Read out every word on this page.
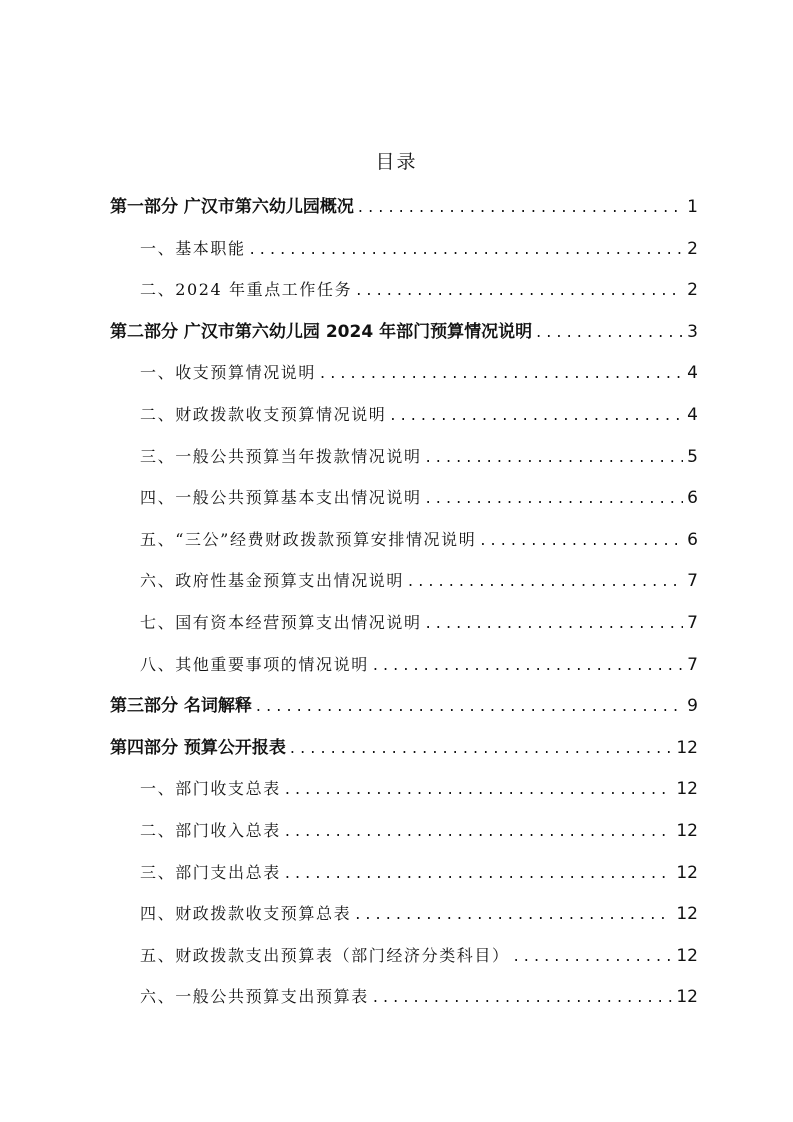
目录
第一部分 广汉市第六幼儿园概况 . . .	1
一、基本职能 . . .	2
二、2024 年重点工作任务 . . .	2
第二部分 广汉市第六幼儿园 2024 年部门预算情况说明 . . .	3
一、收支预算情况说明 . . .	4
二、财政拨款收支预算情况说明 . . .	4
三、一般公共预算当年拨款情况说明 . . .	5
四、一般公共预算基本支出情况说明 . . .	6
五、“三公”经费财政拨款预算安排情况说明 . . .	6
六、政府性基金预算支出情况说明 . . .	7
七、国有资本经营预算支出情况说明 . . .	7
八、其他重要事项的情况说明 . . .	7
第三部分 名词解释 . . .	9
第四部分 预算公开报表 . . .	12
一、部门收支总表 . . .	12
二、部门收入总表 . . .	12
三、部门支出总表 . . .	12
四、财政拨款收支预算总表 . . .	12
五、财政拨款支出预算表（部门经济分类科目） . . .	12
六、一般公共预算支出预算表 . . .	12
